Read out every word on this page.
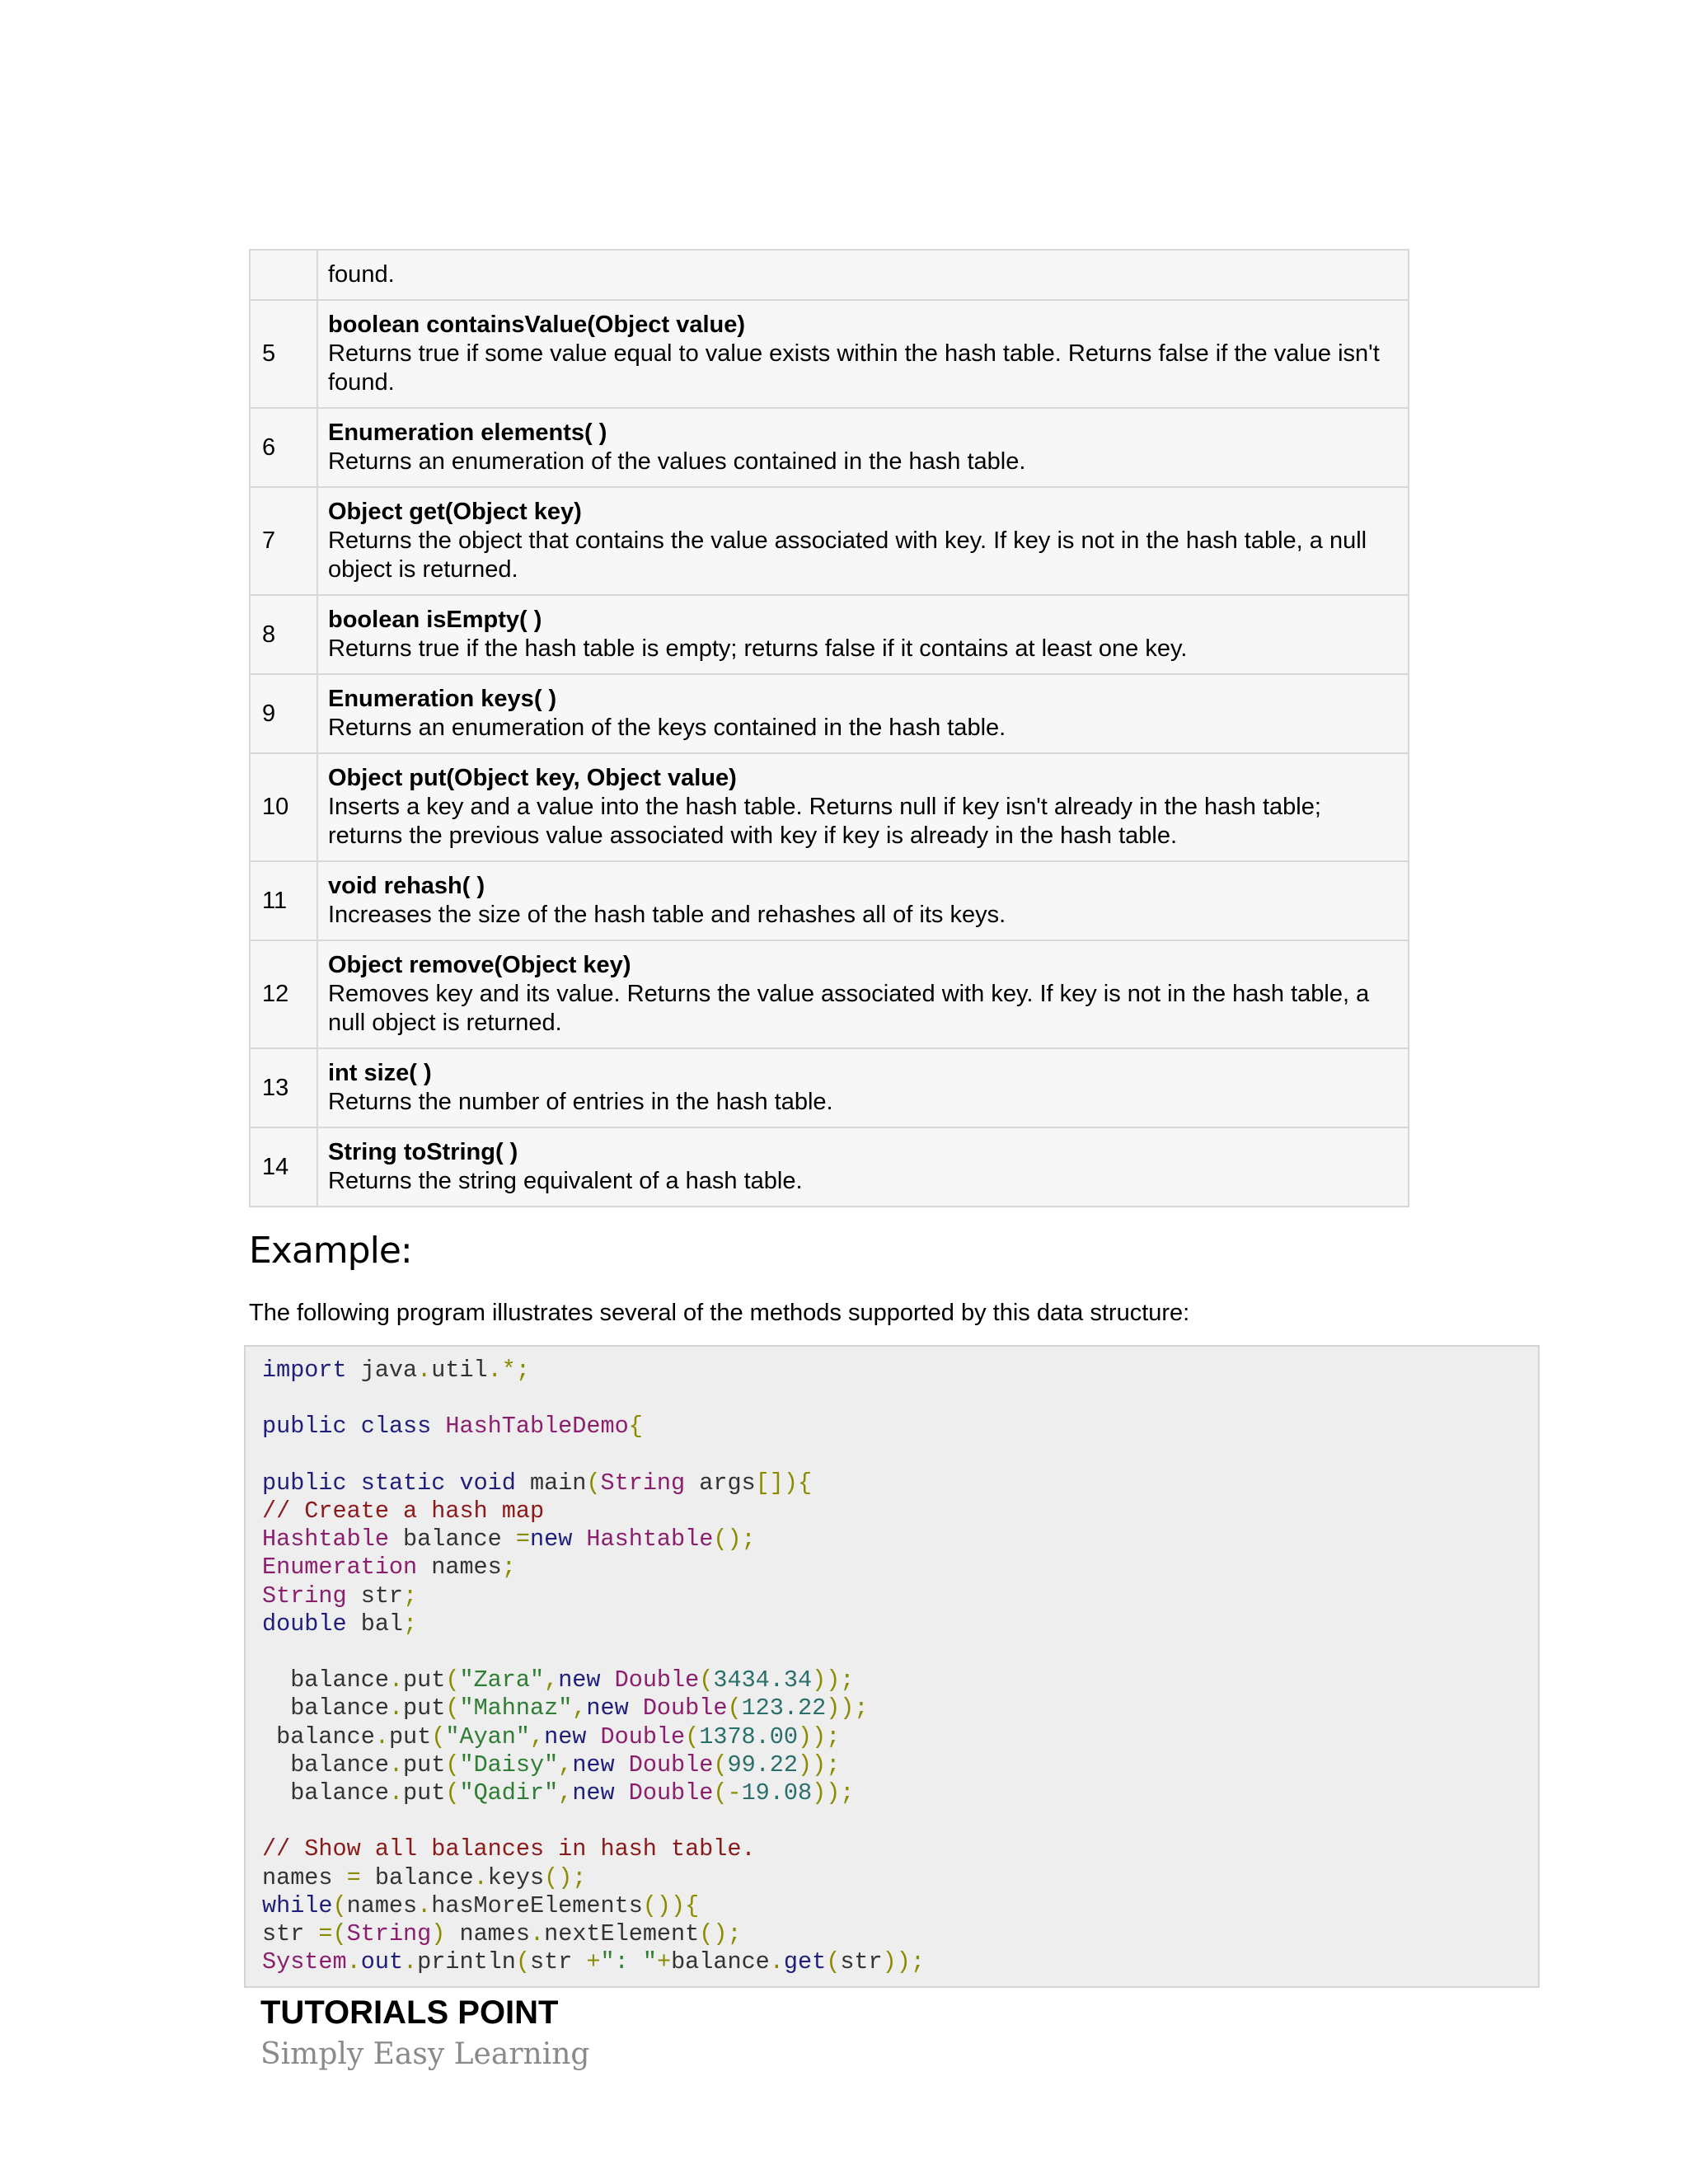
	found.

5	boolean containsValue(Object value)
Returns true if some value equal to value exists within the hash table. Returns false if the value isn't found.

6	Enumeration elements( )
Returns an enumeration of the values contained in the hash table.

7	Object get(Object key)
Returns the object that contains the value associated with key. If key is not in the hash table, a null object is returned.

8	boolean isEmpty( )
Returns true if the hash table is empty; returns false if it contains at least one key.

9	Enumeration keys( )
Returns an enumeration of the keys contained in the hash table.

10	Object put(Object key, Object value)
Inserts a key and a value into the hash table. Returns null if key isn't already in the hash table; returns the previous value associated with key if key is already in the hash table.

11	void rehash( )
Increases the size of the hash table and rehashes all of its keys.

12	Object remove(Object key)
Removes key and its value. Returns the value associated with key. If key is not in the hash table, a null object is returned.

13	int size( )
Returns the number of entries in the hash table.

14	String toString( )
Returns the string equivalent of a hash table.
Example:

The following program illustrates several of the methods supported by this data structure:

import java.util.*;

public class HashTableDemo{

public static void main(String args[]){
// Create a hash map
Hashtable balance =new Hashtable();
Enumeration names;
String str;
double bal;

balance.put("Zara",new Double(3434.34));
balance.put("Mahnaz",new Double(123.22));
balance.put("Ayan",new Double(1378.00));
balance.put("Daisy",new Double(99.22));
balance.put("Qadir",new Double(-19.08));

// Show all balances in hash table.
names = balance.keys();
while(names.hasMoreElements()){
str =(String) names.nextElement();
System.out.println(str +": "+balance.get(str));

TUTORIALS POINT

Simply Easy Learning
